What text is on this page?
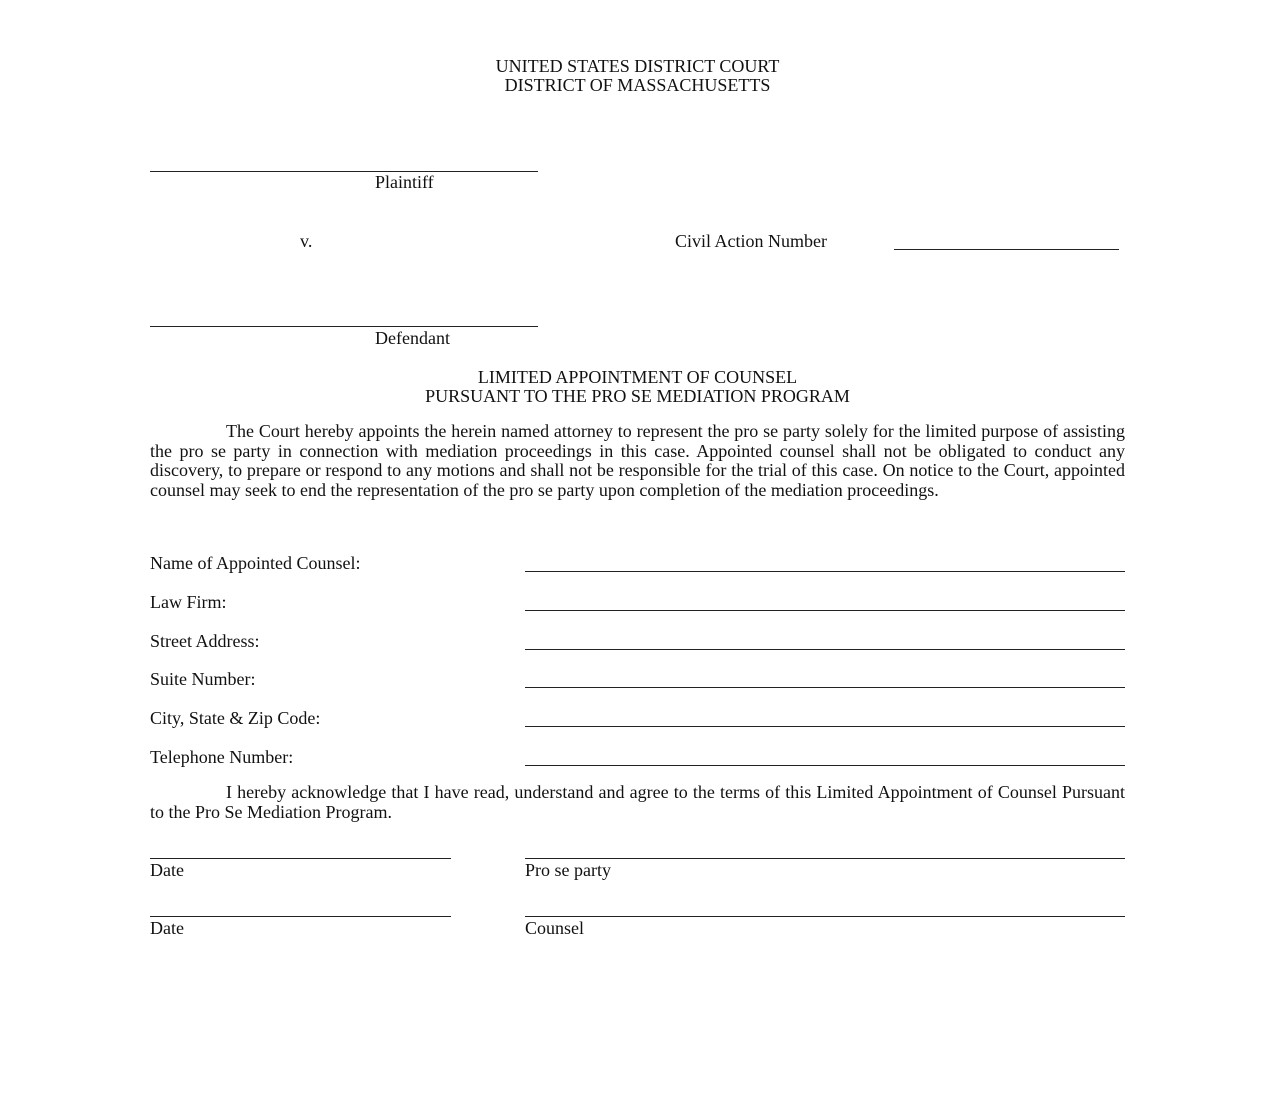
UNITED STATES DISTRICT COURT
DISTRICT OF MASSACHUSETTS
Plaintiff
v.	Civil Action Number
Defendant
LIMITED APPOINTMENT OF COUNSEL
PURSUANT TO THE PRO SE MEDIATION PROGRAM
The Court hereby appoints the herein named attorney to represent the pro se party solely for the limited purpose of assisting the pro se party in connection with mediation proceedings in this case. Appointed counsel shall not be obligated to conduct any discovery, to prepare or respond to any motions and shall not be responsible for the trial of this case. On notice to the Court, appointed counsel may seek to end the representation of the pro se party upon completion of the mediation proceedings.
Name of Appointed Counsel:
Law Firm:
Street Address:
Suite Number:
City, State & Zip Code:
Telephone Number:
I hereby acknowledge that I have read, understand and agree to the terms of this Limited Appointment of Counsel Pursuant to the Pro Se Mediation Program.
Date	Pro se party
Date	Counsel
